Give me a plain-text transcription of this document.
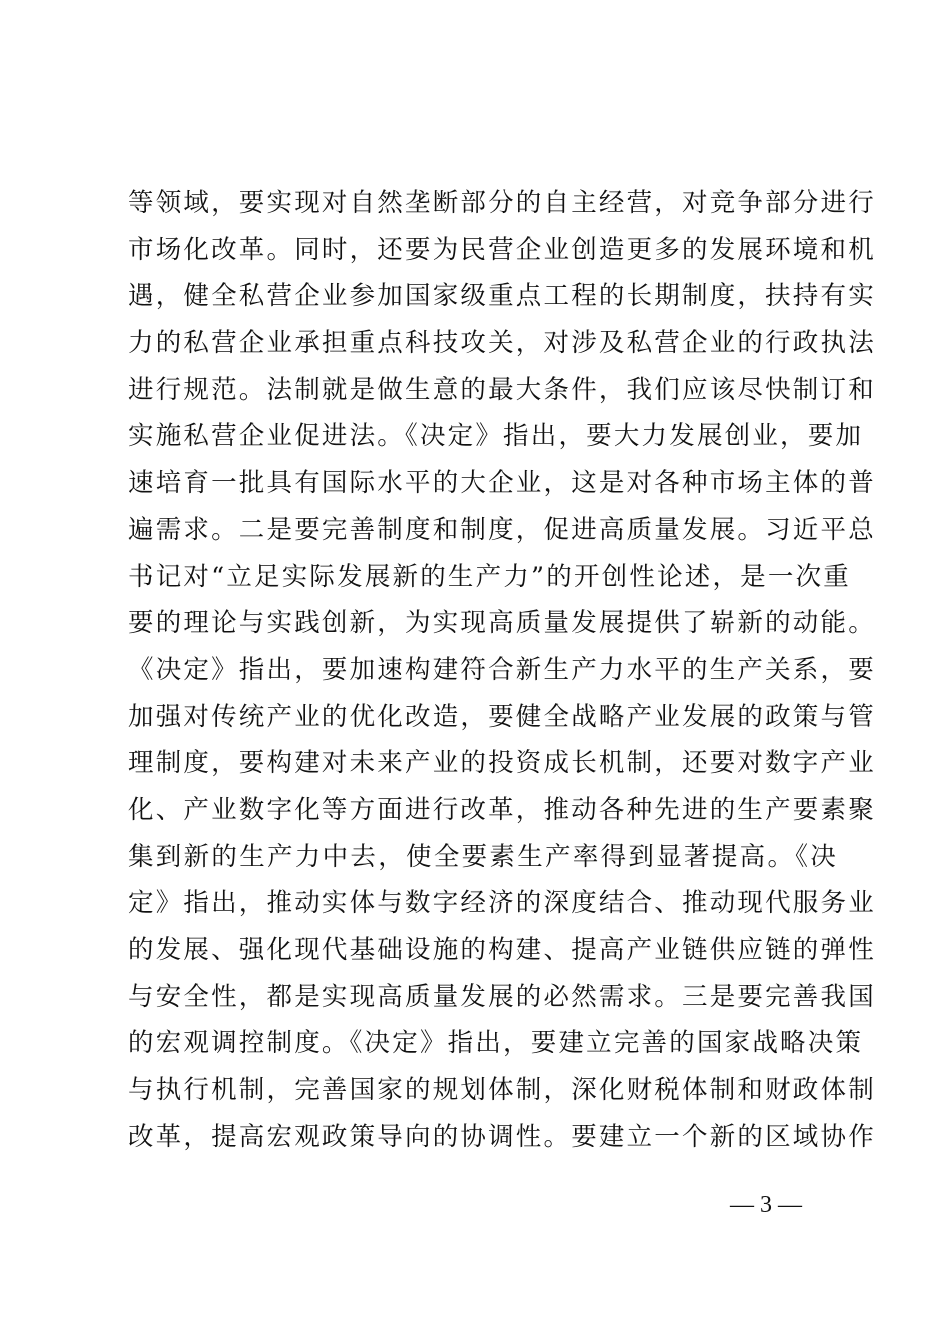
等领域，要实现对自然垄断部分的自主经营，对竞争部分进行
市场化改革。同时，还要为民营企业创造更多的发展环境和机
遇，健全私营企业参加国家级重点工程的长期制度，扶持有实
力的私营企业承担重点科技攻关，对涉及私营企业的行政执法
进行规范。法制就是做生意的最大条件，我们应该尽快制订和
实施私营企业促进法。《决定》指出，要大力发展创业，要加
速培育一批具有国际水平的大企业，这是对各种市场主体的普
遍需求。二是要完善制度和制度，促进高质量发展。习近平总
书记对“立足实际发展新的生产力”的开创性论述，是一次重
要的理论与实践创新，为实现高质量发展提供了崭新的动能。
《决定》指出，要加速构建符合新生产力水平的生产关系，要
加强对传统产业的优化改造，要健全战略产业发展的政策与管
理制度，要构建对未来产业的投资成长机制，还要对数字产业
化、产业数字化等方面进行改革，推动各种先进的生产要素聚
集到新的生产力中去，使全要素生产率得到显著提高。《决
定》指出，推动实体与数字经济的深度结合、推动现代服务业
的发展、强化现代基础设施的构建、提高产业链供应链的弹性
与安全性，都是实现高质量发展的必然需求。三是要完善我国
的宏观调控制度。《决定》指出，要建立完善的国家战略决策
与执行机制，完善国家的规划体制，深化财税体制和财政体制
改革，提高宏观政策导向的协调性。要建立一个新的区域协作
— 3 —
